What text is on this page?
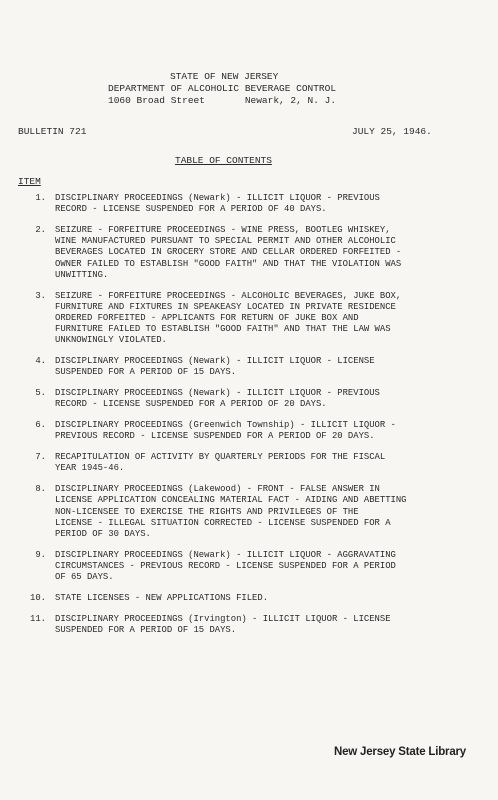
STATE OF NEW JERSEY
DEPARTMENT OF ALCOHOLIC BEVERAGE CONTROL
1060 Broad Street       Newark, 2, N. J.
BULLETIN 721	JULY 25, 1946.
TABLE OF CONTENTS
ITEM
1.	DISCIPLINARY PROCEEDINGS (Newark) - ILLICIT LIQUOR - PREVIOUS
RECORD - LICENSE SUSPENDED FOR A PERIOD OF 40 DAYS.
2.	SEIZURE - FORFEITURE PROCEEDINGS - WINE PRESS, BOOTLEG WHISKEY,
WINE MANUFACTURED PURSUANT TO SPECIAL PERMIT AND OTHER ALCOHOLIC
BEVERAGES LOCATED IN GROCERY STORE AND CELLAR ORDERED FORFEITED -
OWNER FAILED TO ESTABLISH "GOOD FAITH" AND THAT THE VIOLATION WAS
UNWITTING.
3.	SEIZURE - FORFEITURE PROCEEDINGS - ALCOHOLIC BEVERAGES, JUKE BOX,
FURNITURE AND FIXTURES IN SPEAKEASY LOCATED IN PRIVATE RESIDENCE
ORDERED FORFEITED - APPLICANTS FOR RETURN OF JUKE BOX AND
FURNITURE FAILED TO ESTABLISH "GOOD FAITH" AND THAT THE LAW WAS
UNKNOWINGLY VIOLATED.
4.	DISCIPLINARY PROCEEDINGS (Newark) - ILLICIT LIQUOR - LICENSE
SUSPENDED FOR A PERIOD OF 15 DAYS.
5.	DISCIPLINARY PROCEEDINGS (Newark) - ILLICIT LIQUOR - PREVIOUS
RECORD - LICENSE SUSPENDED FOR A PERIOD OF 20 DAYS.
6.	DISCIPLINARY PROCEEDINGS (Greenwich Township) - ILLICIT LIQUOR -
PREVIOUS RECORD - LICENSE SUSPENDED FOR A PERIOD OF 20 DAYS.
7.	RECAPITULATION OF ACTIVITY BY QUARTERLY PERIODS FOR THE FISCAL
YEAR 1945-46.
8.	DISCIPLINARY PROCEEDINGS (Lakewood) - FRONT - FALSE ANSWER IN
LICENSE APPLICATION CONCEALING MATERIAL FACT - AIDING AND ABETTING
NON-LICENSEE TO EXERCISE THE RIGHTS AND PRIVILEGES OF THE
LICENSE - ILLEGAL SITUATION CORRECTED - LICENSE SUSPENDED FOR A
PERIOD OF 30 DAYS.
9.	DISCIPLINARY PROCEEDINGS (Newark) - ILLICIT LIQUOR - AGGRAVATING
CIRCUMSTANCES - PREVIOUS RECORD - LICENSE SUSPENDED FOR A PERIOD
OF 65 DAYS.
10.	STATE LICENSES - NEW APPLICATIONS FILED.
11.	DISCIPLINARY PROCEEDINGS (Irvington) - ILLICIT LIQUOR - LICENSE
SUSPENDED FOR A PERIOD OF 15 DAYS.
New Jersey State Library
